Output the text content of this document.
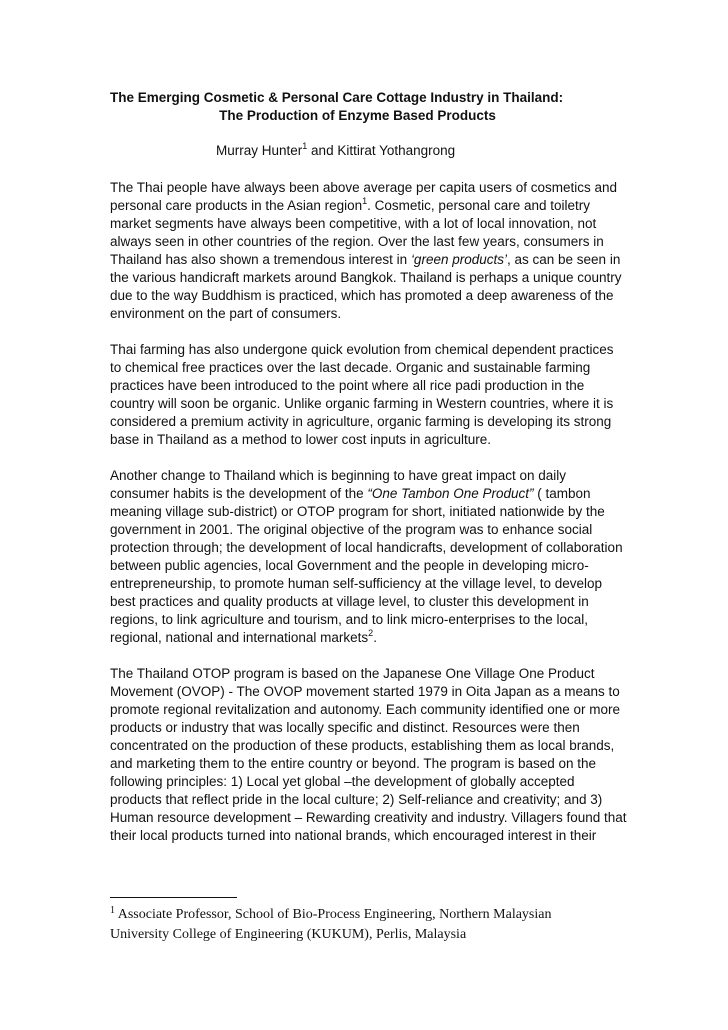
The Emerging Cosmetic & Personal Care Cottage Industry in Thailand:
The Production of Enzyme Based Products
Murray Hunter$^1$ and Kittirat Yothangrong

The Thai people have always been above average per capita users of cosmetics and personal care products in the Asian region$^1$. Cosmetic, personal care and toiletry market segments have always been competitive, with a lot of local innovation, not always seen in other countries of the region. Over the last few years, consumers in Thailand has also shown a tremendous interest in ‘green products’, as can be seen in the various handicraft markets around Bangkok. Thailand is perhaps a unique country due to the way Buddhism is practiced, which has promoted a deep awareness of the environment on the part of consumers.

Thai farming has also undergone quick evolution from chemical dependent practices to chemical free practices over the last decade. Organic and sustainable farming practices have been introduced to the point where all rice padi production in the country will soon be organic. Unlike organic farming in Western countries, where it is considered a premium activity in agriculture, organic farming is developing its strong base in Thailand as a method to lower cost inputs in agriculture.

Another change to Thailand which is beginning to have great impact on daily consumer habits is the development of the “One Tambon One Product” ( tambon meaning village sub-district) or OTOP program for short, initiated nationwide by the government in 2001. The original objective of the program was to enhance social protection through; the development of local handicrafts, development of collaboration between public agencies, local Government and the people in developing micro-entrepreneurship, to promote human self-sufficiency at the village level, to develop best practices and quality products at village level, to cluster this development in regions, to link agriculture and tourism, and to link micro-enterprises to the local, regional, national and international markets$^2$.

The Thailand OTOP program is based on the Japanese One Village One Product Movement (OVOP) - The OVOP movement started 1979 in Oita Japan as a means to promote regional revitalization and autonomy. Each community identified one or more products or industry that was locally specific and distinct. Resources were then concentrated on the production of these products, establishing them as local brands, and marketing them to the entire country or beyond. The program is based on the following principles: 1) Local yet global –the development of globally accepted products that reflect pride in the local culture; 2) Self-reliance and creativity; and 3) Human resource development – Rewarding creativity and industry. Villagers found that their local products turned into national brands, which encouraged interest in their

$^1$ Associate Professor, School of Bio-Process Engineering, Northern Malaysian
University College of Engineering (KUKUM), Perlis, Malaysia
